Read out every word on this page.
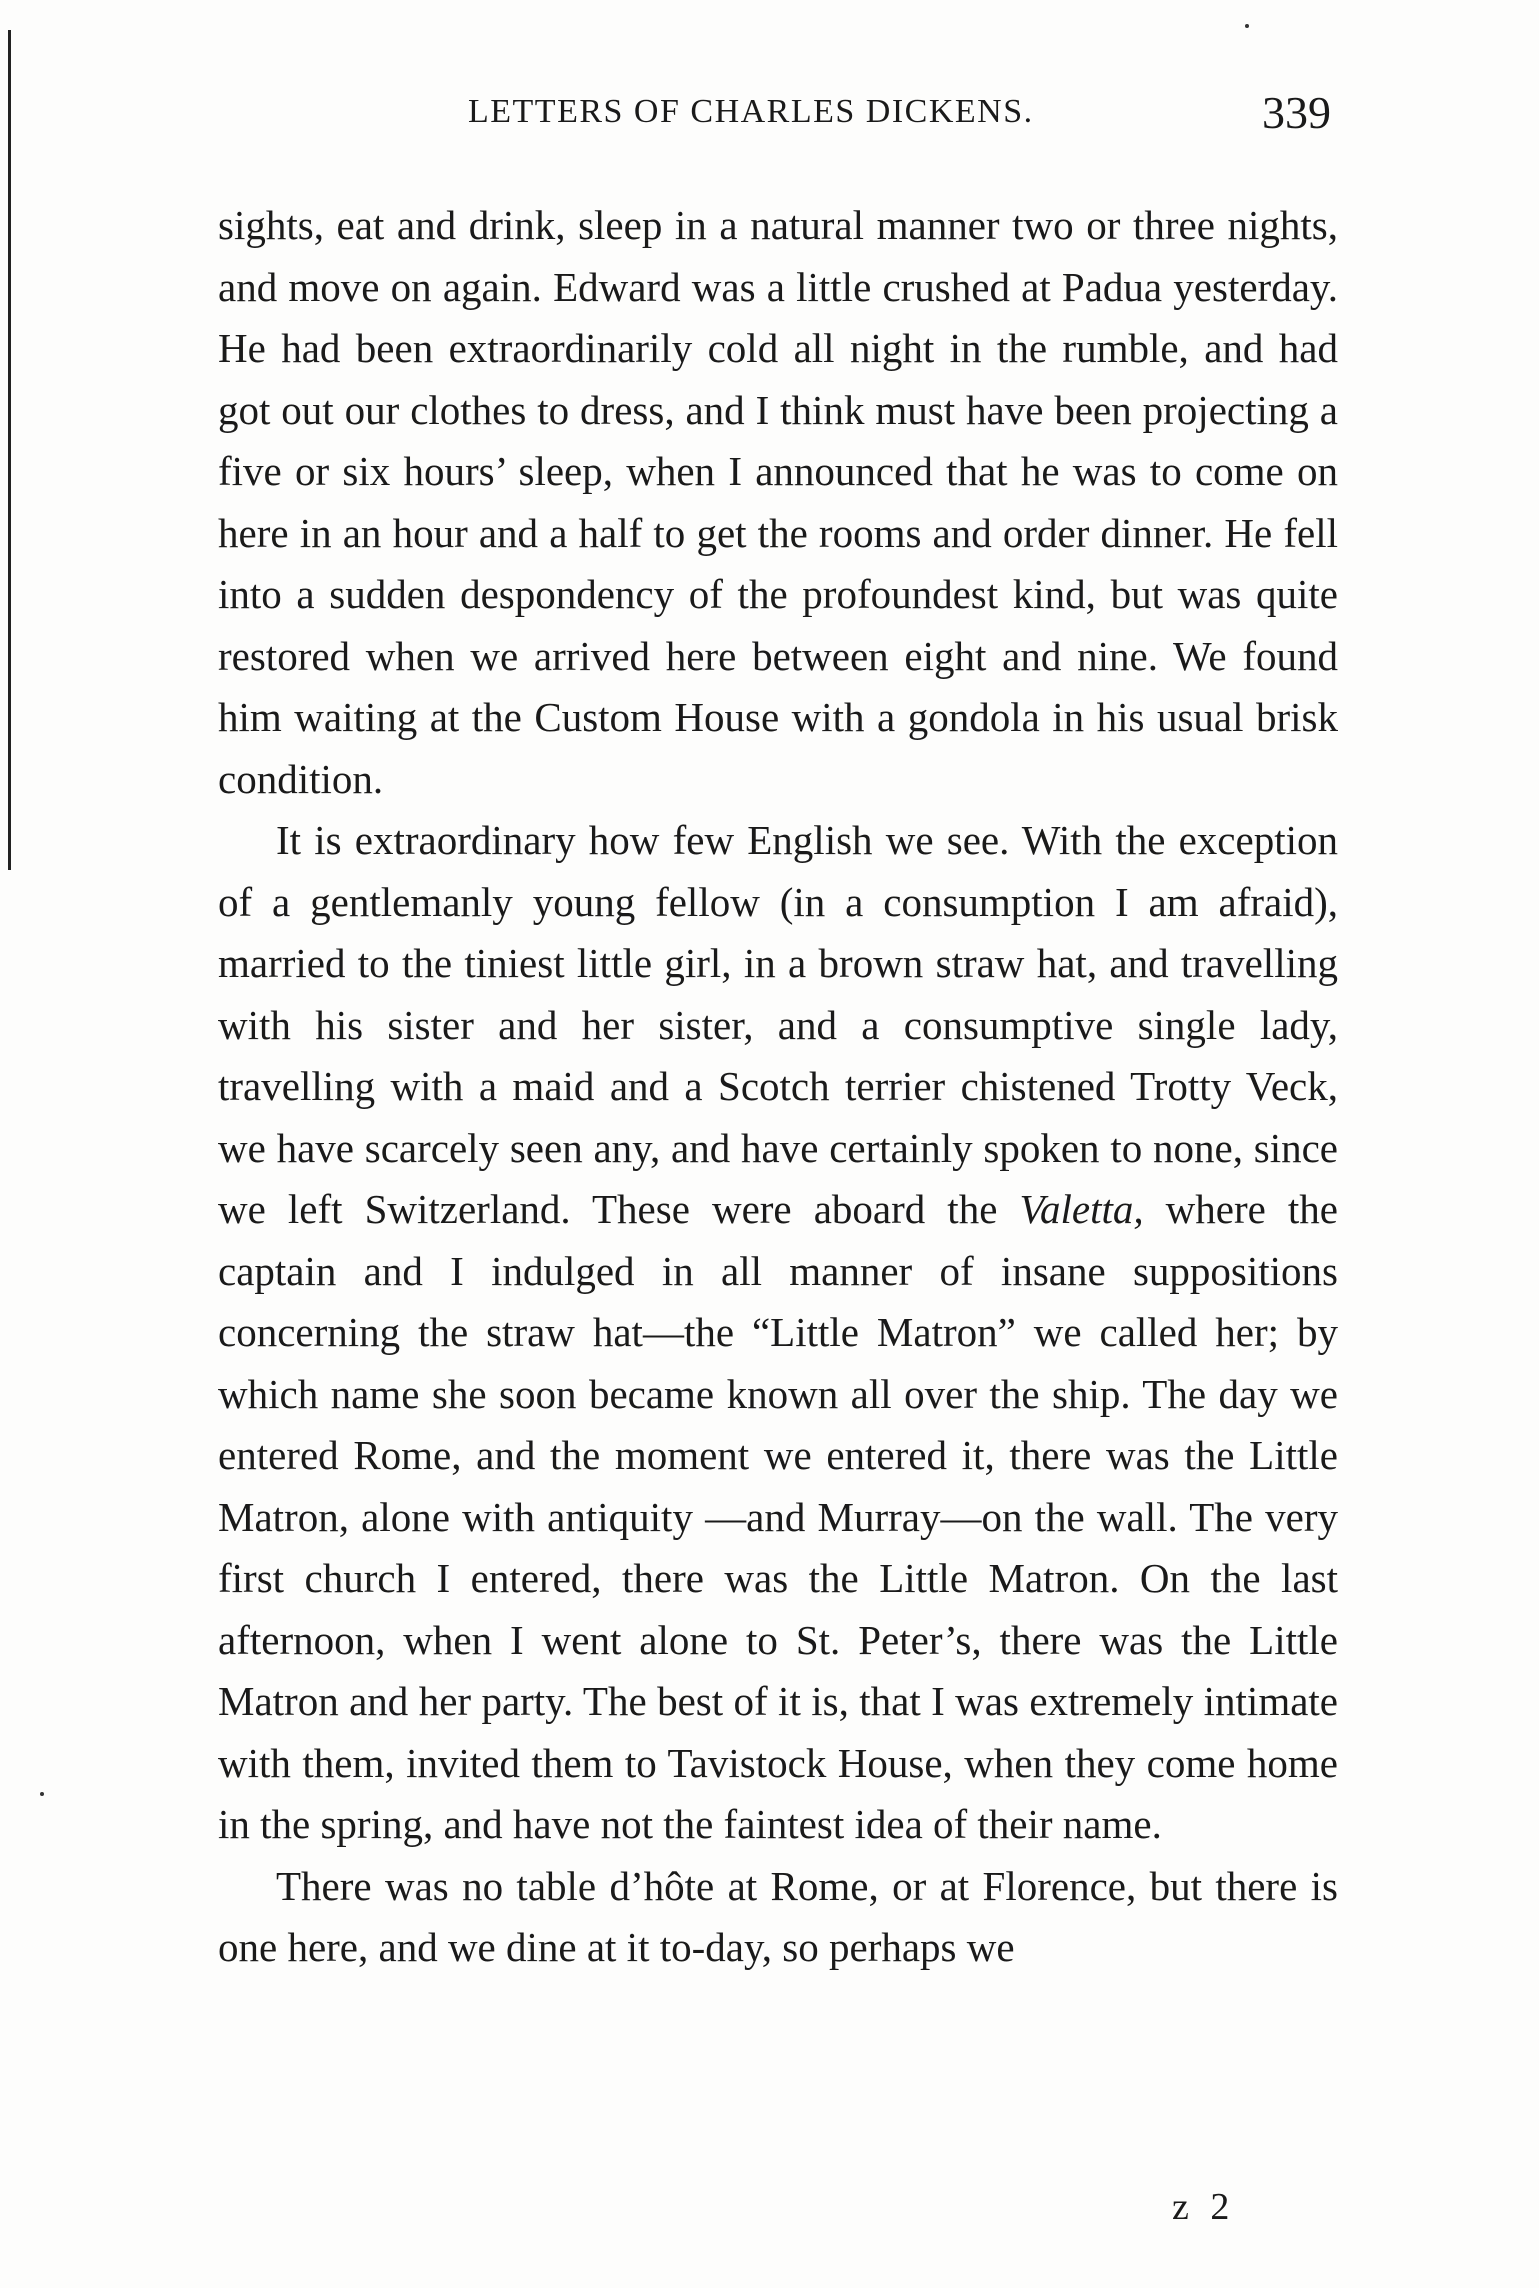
LETTERS OF CHARLES DICKENS.	339

sights, eat and drink, sleep in a natural manner two or three nights, and move on again. Edward was a little crushed at Padua yesterday. He had been extraordinarily cold all night in the rumble, and had got out our clothes to dress, and I think must have been projecting a five or six hours’ sleep, when I announced that he was to come on here in an hour and a half to get the rooms and order dinner. He fell into a sudden despondency of the profoundest kind, but was quite restored when we arrived here between eight and nine. We found him waiting at the Custom House with a gondola in his usual brisk condition.

It is extraordinary how few English we see. With the exception of a gentlemanly young fellow (in a consumption I am afraid), married to the tiniest little girl, in a brown straw hat, and travelling with his sister and her sister, and a consumptive single lady, travelling with a maid and a Scotch terrier chistened Trotty Veck, we have scarcely seen any, and have certainly spoken to none, since we left Switzerland. These were aboard the Valetta, where the captain and I indulged in all manner of insane suppositions concerning the straw hat—the “Little Matron” we called her; by which name she soon became known all over the ship. The day we entered Rome, and the moment we entered it, there was the Little Matron, alone with antiquity —and Murray—on the wall. The very first church I entered, there was the Little Matron. On the last afternoon, when I went alone to St. Peter’s, there was the Little Matron and her party. The best of it is, that I was extremely intimate with them, invited them to Tavistock House, when they come home in the spring, and have not the faintest idea of their name.

There was no table d’hôte at Rome, or at Florence, but there is one here, and we dine at it to-day, so perhaps we

z 2
